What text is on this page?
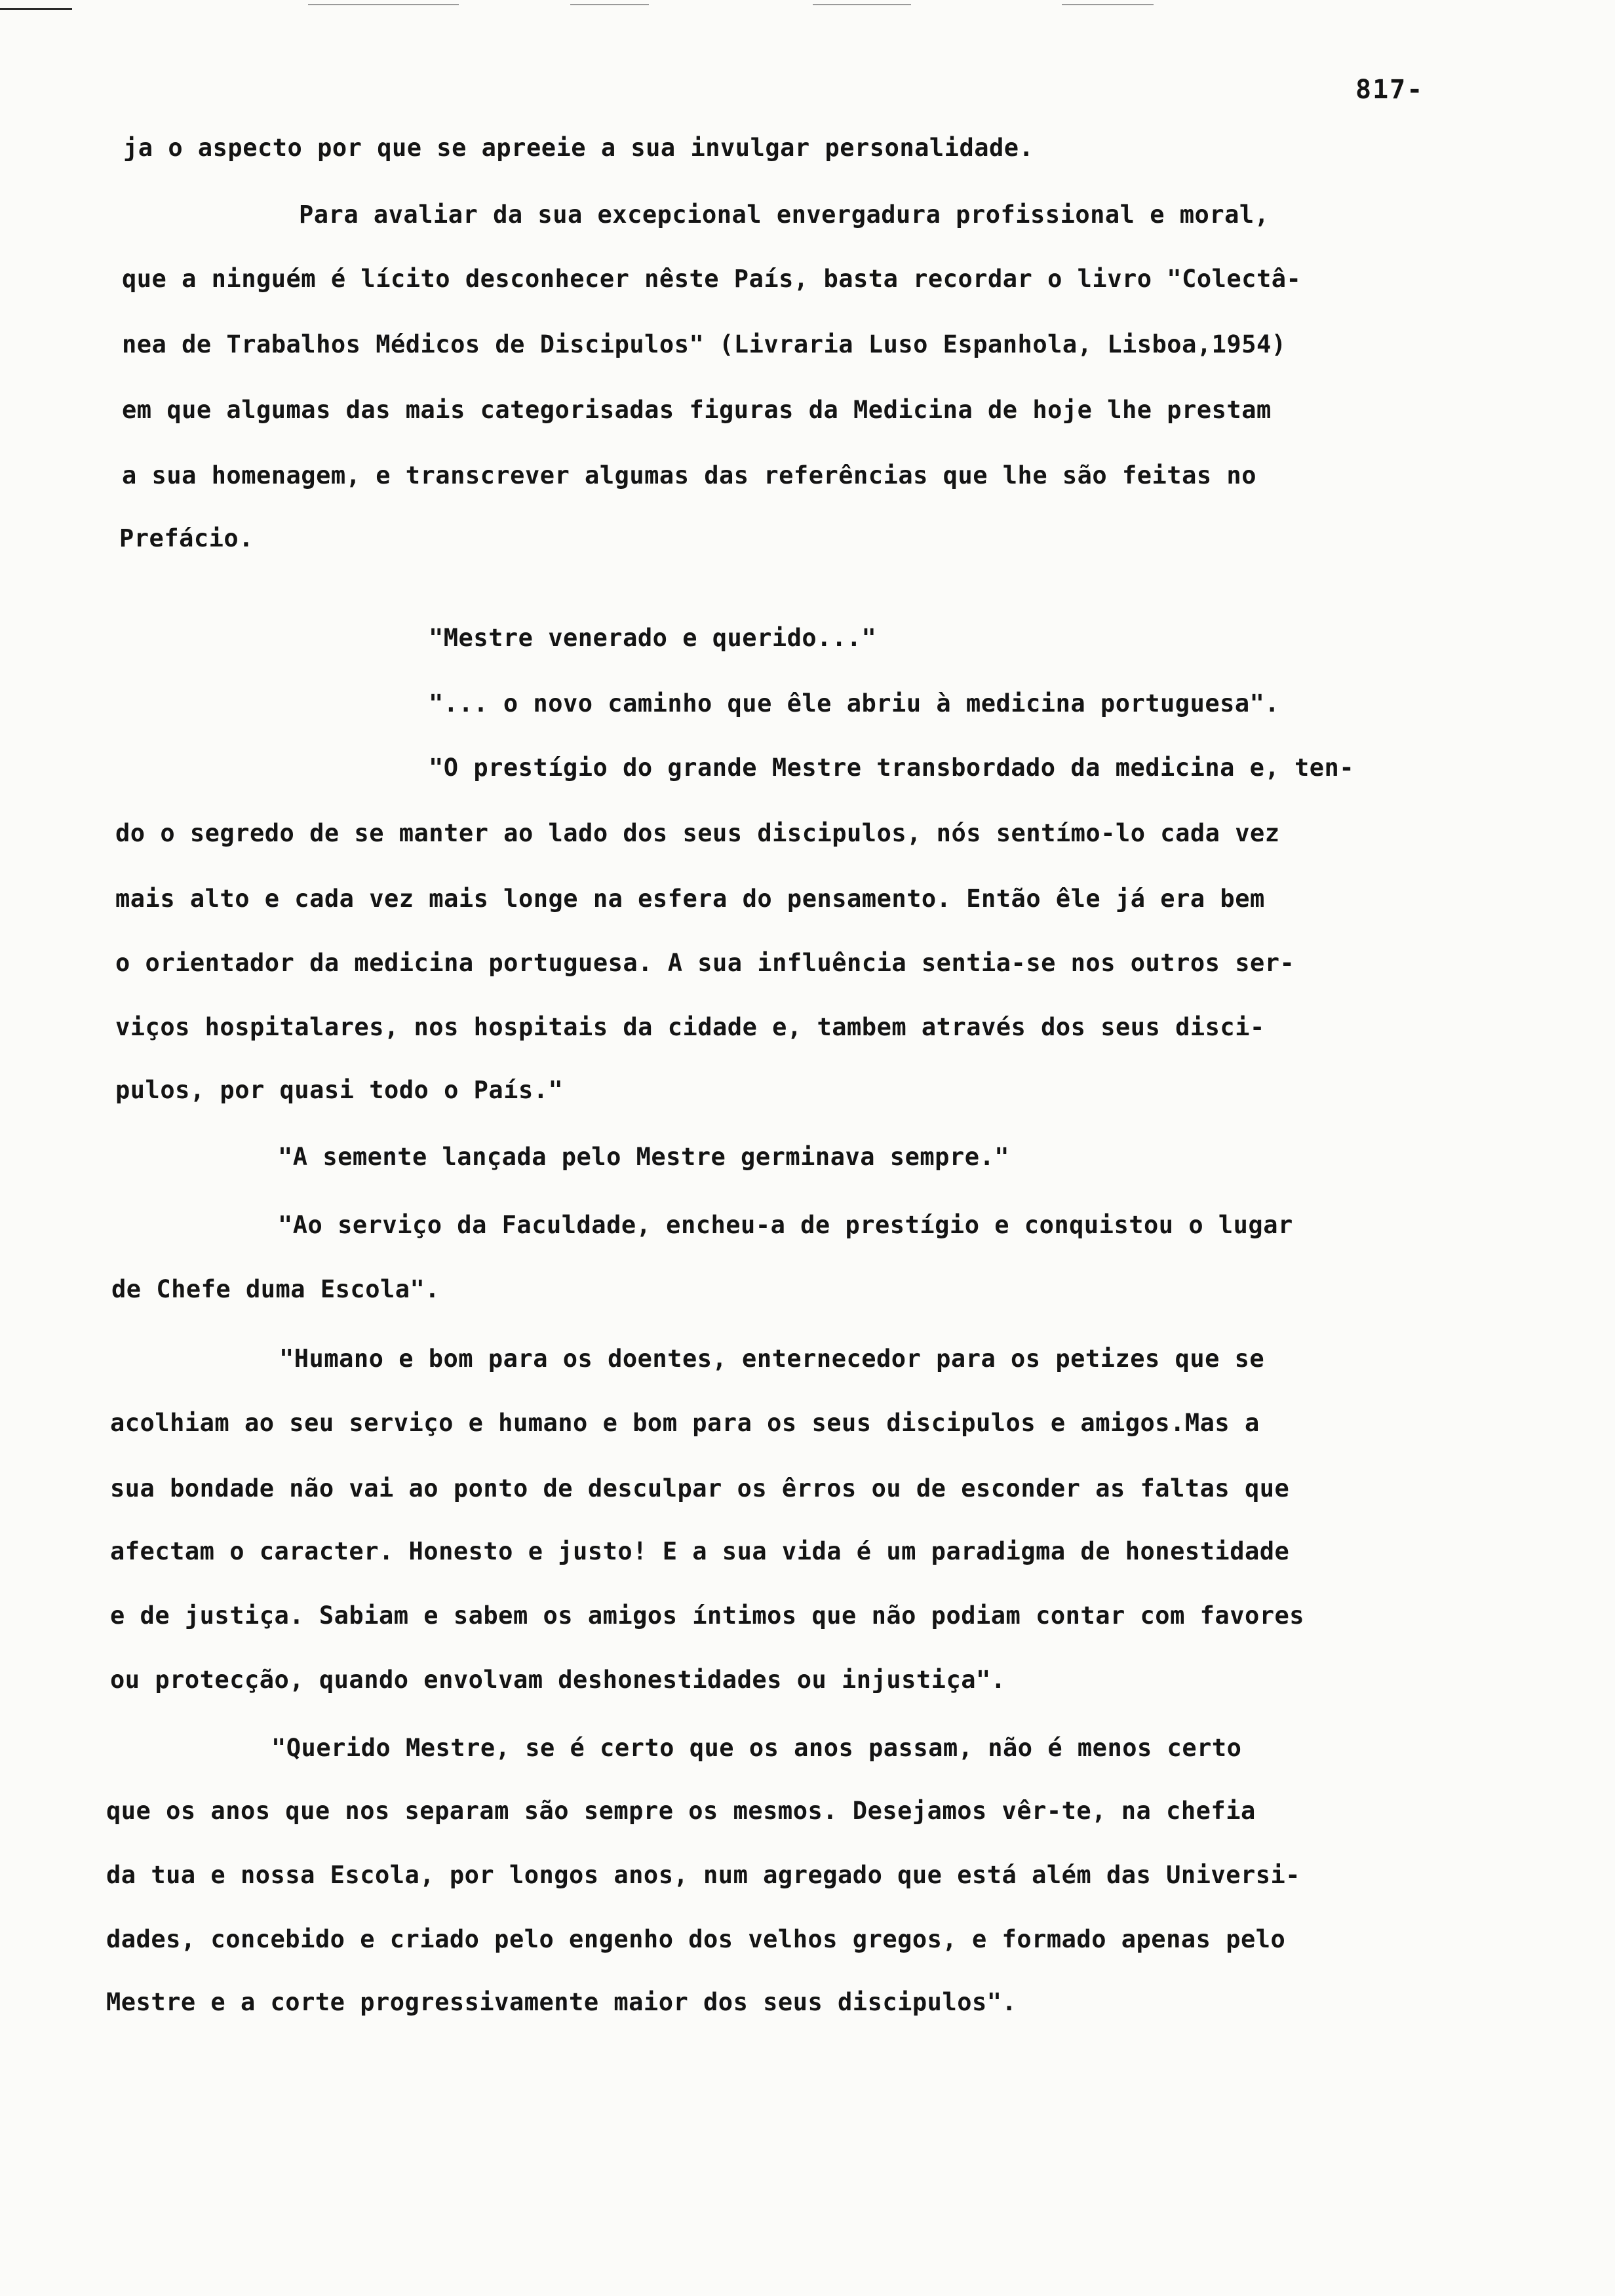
817-
ja o aspecto por que se apreeie a sua invulgar personalidade.
Para avaliar da sua excepcional envergadura profissional e moral,
que a ninguém é lícito desconhecer nêste País, basta recordar o livro "Colectâ-
nea de Trabalhos Médicos de Discipulos" (Livraria Luso Espanhola, Lisboa,1954)
em que algumas das mais categorisadas figuras da Medicina de hoje lhe prestam
a sua homenagem, e transcrever algumas das referências que lhe são feitas no
Prefácio.
"Mestre venerado e querido..."
"... o novo caminho que êle abriu à medicina portuguesa".
"O prestígio do grande Mestre transbordado da medicina e, ten-
do o segredo de se manter ao lado dos seus discipulos, nós sentímo-lo cada vez
mais alto e cada vez mais longe na esfera do pensamento. Então êle já era bem
o orientador da medicina portuguesa. A sua influência sentia-se nos outros ser-
viços hospitalares, nos hospitais da cidade e, tambem através dos seus disci-
pulos, por quasi todo o País."
"A semente lançada pelo Mestre germinava sempre."
"Ao serviço da Faculdade, encheu-a de prestígio e conquistou o lugar
de Chefe duma Escola".
"Humano e bom para os doentes, enternecedor para os petizes que se
acolhiam ao seu serviço e humano e bom para os seus discipulos e amigos.Mas a
sua bondade não vai ao ponto de desculpar os êrros ou de esconder as faltas que
afectam o caracter. Honesto e justo! E a sua vida é um paradigma de honestidade
e de justiça. Sabiam e sabem os amigos íntimos que não podiam contar com favores
ou protecção, quando envolvam deshonestidades ou injustiça".
"Querido Mestre, se é certo que os anos passam, não é menos certo
que os anos que nos separam são sempre os mesmos. Desejamos vêr-te, na chefia
da tua e nossa Escola, por longos anos, num agregado que está além das Universi-
dades, concebido e criado pelo engenho dos velhos gregos, e formado apenas pelo
Mestre e a corte progressivamente maior dos seus discipulos".
